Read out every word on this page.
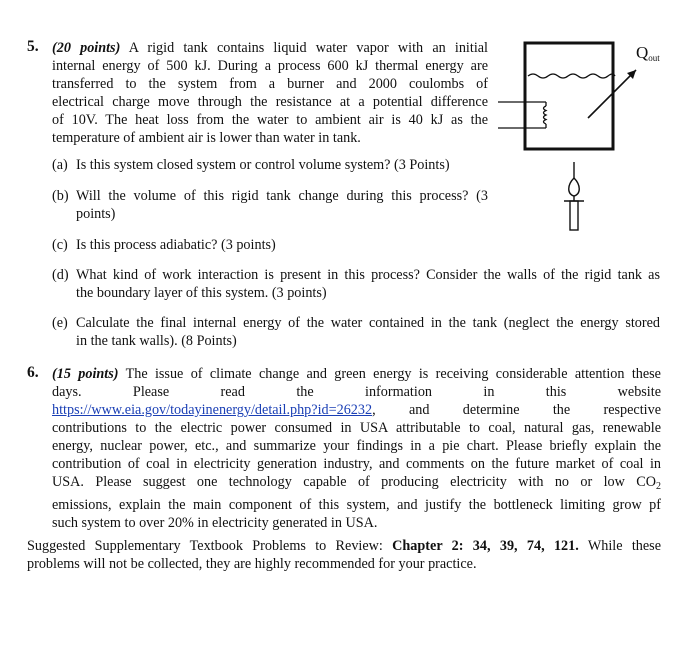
5. (20 points) A rigid tank contains liquid water vapor with an initial
internal energy of 500 kJ. During a process 600 kJ thermal energy are
transferred to the system from a burner and 2000 coulombs of
electrical charge move through the resistance at a potential difference
of 10V. The heat loss from the water to ambient air is 40 kJ as the
temperature of ambient air is lower than water in tank.
(a) Is this system closed system or control volume system? (3 Points)
(b) Will the volume of this rigid tank change during this process? (3
points)
(c) Is this process adiabatic? (3 points)
(d) What kind of work interaction is present in this process? Consider the walls of the rigid tank as
the boundary layer of this system. (3 points)
(e) Calculate the final internal energy of the water contained in the tank (neglect the energy stored
in the tank walls). (8 Points)
Qout
6. (15 points) The issue of climate change and green energy is receiving considerable attention these
days. Please read the information in this website
https://www.eia.gov/todayinenergy/detail.php?id=26232, and determine the respective
contributions to the electric power consumed in USA attributable to coal, natural gas, renewable
energy, nuclear power, etc., and summarize your findings in a pie chart. Please briefly explain the
contribution of coal in electricity generation industry, and comments on the future market of coal in
USA. Please suggest one technology capable of producing electricity with no or low $CO_2$
emissions, explain the main component of this system, and justify the bottleneck limiting grow pf
such system to over 20% in electricity generated in USA.
Suggested Supplementary Textbook Problems to Review: Chapter 2: 34, 39, 74, 121. While these
problems will not be collected, they are highly recommended for your practice.
